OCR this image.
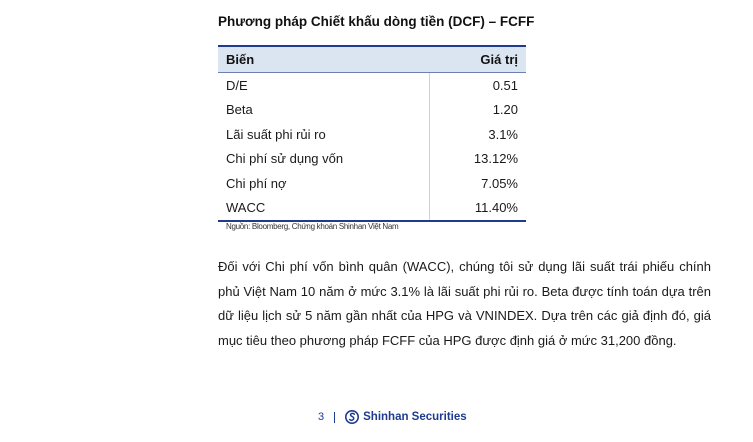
Phương pháp Chiết khấu dòng tiền (DCF) – FCFF
Biến	Giá trị
D/E	0.51
Beta	1.20
Lãi suất phi rủi ro	3.1%
Chi phí sử dụng vốn	13.12%
Chi phí nợ	7.05%
WACC	11.40%
Nguồn: Bloomberg, Chứng khoán Shinhan Việt Nam

Đối với Chi phí vốn bình quân (WACC), chúng tôi sử dụng lãi suất trái phiếu chính phủ Việt Nam 10 năm ở mức 3.1% là lãi suất phi rủi ro. Beta được tính toán dựa trên dữ liệu lịch sử 5 năm gần nhất của HPG và VNINDEX. Dựa trên các giả định đó, giá mục tiêu theo phương pháp FCFF của HPG được định giá ở mức 31,200 đồng.

3	Shinhan Securities
